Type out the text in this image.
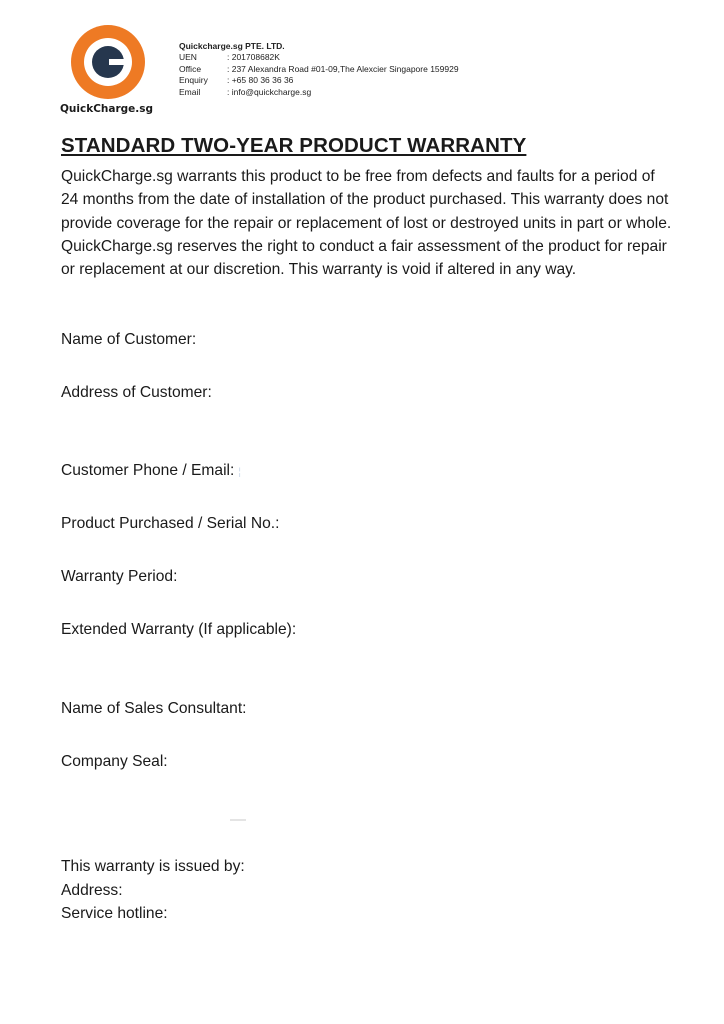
QuickCharge.sg
Quickcharge.sg PTE. LTD.
UEN	: 201708682K
Office	: 237 Alexandra Road #01-09,The Alexcier Singapore 159929
Enquiry	: +65 80 36 36 36
Email	: info@quickcharge.sg
STANDARD TWO-YEAR PRODUCT WARRANTY

QuickCharge.sg warrants this product to be free from defects and faults for a period of 24 months from the date of installation of the product purchased. This warranty does not provide coverage for the repair or replacement of lost or destroyed units in part or whole. QuickCharge.sg reserves the right to conduct a fair assessment of the product for repair or replacement at our discretion. This warranty is void if altered in any way.

Name of Customer:
Address of Customer:
Customer Phone / Email: ¦
Product Purchased / Serial No.:
Warranty Period:
Extended Warranty (If applicable):
Name of Sales Consultant:
Company Seal:
This warranty is issued by:
Address:
Service hotline:
